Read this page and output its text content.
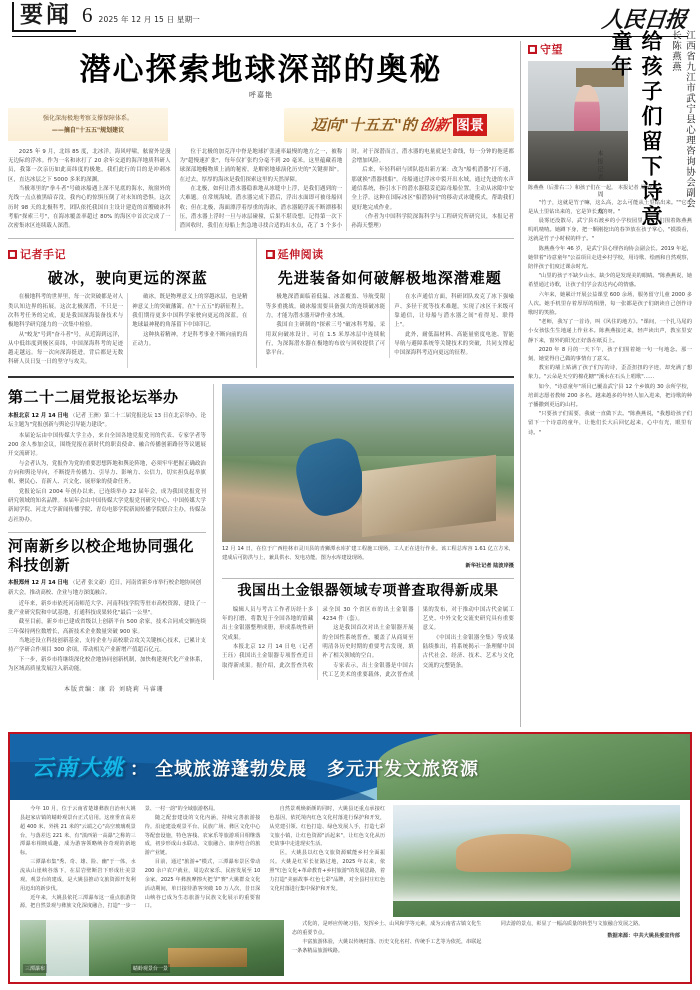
要闻 6 2025 年 12 月 15 日 星期一	人民日报
潜心探索地球深部的奥秘
呼嘉艳
强化深海极地考察支撑保障体系。
——摘自"十五五"规划建议	迈向"十五五"的 创新 图景

2025 年 9 月，北纬 85 度，北冰洋。海风呼啸，舷窗外是漫无边际的浮冰。作为一名和冰打了 20 余年交道的海洋地质科研人员，我第一次亲历如此高纬度的极地，我们此行的目的是冲刺冰区，直达冰层之下 5000 多米的深渊。

当极寒里的"拳斗者"号破冰船遇上深不见底的海水，航窗外的光线一点点被黑暗吞没，我内心的惊惧压倒了对未知的恐惧。这次历时 98 天的北极科考，团队依托我国自主设计建造的首艘破冰科考船"探索三号"，在海冰覆盖率超过 80% 的海区中首次完成了一次密集冰区连续载人深潜。

位于北极的加克洋中脊是地球扩张速率最慢的地方之一，被称为"超慢速扩张"，每年仅扩张约分毫不到 20 毫米。这里蕴藏着地球深部地幔物质上涌的秘密，是解密地球演化历史的"关键拼图"。在过去，厚厚的海冰是我们探索这里的天然屏障。

在北极，如何让潜水器稳准地从冰缝中上浮，是我们遇到的一大难题。在常规海域，潜水器完成下潜后，浮出水面即可被母船回收；但在北极，海面漂浮着厚重的海冰，潜水器随浮流不断漂移积压，潜水器上浮时一旦与冰层碰撞，后果不堪设想。记得第一次下潜回收时，我们在母船上焦急地寻找合适的出水点，花了 3 个多小时。对于深潜而言，潜水器的电量就是生命线，每一分钟的拖延都会增加风险。

后来，年轻科研与团队提出新方案：改为"船机潜器"打不通，那就换"潜器找船"。母船通过浮冰中裂开出水域，通过先进的水声通信系统，指引水下的潜水器稳妥追踪母船位置，主动从冰隙中安全上浮。这种在国际冰区"船潜协同"的移动式冰缝模式，帮助我们更好地完成作业。

（作者为中国科学院深海科学与工程研究所研究员，本报记者孙海天整理）

■ 记者手记
破冰，驶向更远的深蓝

在极地科考的世界里，每一次突破都是对人类认知边界的拓展。这次北极深潜，不只是一次科考任务的完成，更是我国深海装备技术与极地科学研究能力的一次集中检验。

从"蛟龙"号到"奋斗者"号，从近海到远洋，从中低纬度到极区高纬，中国深海科考的足迹越走越远。每一次向深海挺进，背后都是无数科研人员日复一日的坚守与攻关。

破冰，既是物理意义上的穿越冰层，也是精神意义上的突破藩篱。在"十五五"的新征程上，我们期待更多中国科学家驶向更远的深蓝，在地球最神秘的角落留下中国印记。

这种执着精神，才是科考事业不断向前的真正动力。

■ 延伸阅读
先进装备如何破解极地深潜难题

极地深潜面临着低温、冰盖覆盖、导航受限等多重挑战。破冰船需要具备强大的连续破冰能力，才能为潜水器开辟作业水域。

我国自主研制的"探索三号"破冰科考船，采用双向破冰设计，可在 1.5 米厚冰层中连续航行，为深海潜水器在极地的布放与回收提供了可靠平台。

在水声通信方面，科研团队攻克了冰下强噪声、多径干扰等技术难题，实现了冰区千米级可靠通信，让母船与潜水器之间"看得见、联得上"。

此外，耐低温材料、高能量密度电池、智能导航与避障系统等关键技术的突破，共同支撑起中国深海科考迈向更远的征程。

第二十二届党报论坛举办
本报北京 12 月 14 日电 （记者 王洲）第二十二届党报论坛 13 日在北京举办，论坛主题为"党报创新与舆论引导能力建设"。

本届论坛由中国传媒大学主办，来自全国各地党报党刊的代表、专家学者等 200 余人参加会议，围绕党报在新时代的职责使命、融合传播创新路径等议题展开交流研讨。

与会者认为，党报作为党的重要思想阵地和舆论阵地，必须牢牢把握正确政治方向和舆论导向，不断提升传播力、引导力、影响力、公信力，切实担负起举旗帜、聚民心、育新人、兴文化、展形象的使命任务。

党报论坛自 2004 年创办以来，已连续举办 22 届年会，成为我国党报党刊研究领域的知名品牌。本届年会由中国传媒大学党报党刊研究中心、中国传媒大学新闻学院、河北大学新闻传播学院、青岛电影学院新闻传播学院联合主办，传媒杂志社协办。

河南新乡以校企地协同强化科技创新
本报郑州 12 月 14 日电 （记者 张文豪）近日，河南省新乡市举行校企地协同创新大会，推动高校、企业与地方深度融合。

近年来，新乡市依托河南师范大学、河南科技学院等驻市高校资源，建设了一批产业研究院和中试基地，打通科技成果转化"最后一公里"。

截至目前，新乡市已建成省级以上创新平台 500 余家，技术合同成交额连续三年保持两位数增长，高新技术企业数量突破 900 家。

当地还设立科技创新基金，支持企业与高校联合攻关关键核心技术，已累计支持产学研合作项目 300 余项，带动相关产业新增产值超百亿元。

下一步，新乡市将继续深化校企地协同创新机制，加快构建现代化产业体系，为区域高质量发展注入新动能。

12 月 14 日，在位于广西桂林市灵川县的青狮潭水库扩建工程施工现场，工人正在进行作业。该工程总库容 1.61 亿立方米，建成后可防洪与上，兼具供水、发电功能。图为水库建设现场。
新华社记者 陆波岸摄
我国出土金银器领域专项普查取得新成果

编辑人员与考古工作者历经十多年的打磨，将散见于全国各地的馆藏出土金银器整理成册，形成系统性研究成果。

本报北京 12 月 14 日电（记者 王珏）我国出土金银器专项普查近日取得新成果。据介绍，此次普查共收录全国 30 个省区市的出土金银器 4234 件（套）。

这是我国首次对出土金银器开展的全国性系统普查，覆盖了从商周至明清各历史时期的重要考古发现，填补了相关领域的空白。

专家表示，出土金银器是中国古代工艺美术的重要载体，此次普查成果的发布，对于推动中国古代金属工艺史、中外文化交流史研究具有重要意义。

《中国出土金银器全集》等成果陆续推出，将系统揭示一条理解中国古代社会、经济、技术、艺术与文化交流的完整链条。

本版责编：康 岩 刘晓莉 马睿珊
■ 守望
陈燕燕（后排右二）和孩子们在一起。 本报记者 周 欢摄	江西省九江市武宁县心理咨询协会副会长陈燕燕
给孩子们留下诗意童年
本报记者 周 欢

"竹子，这就是竹子嘛，这么高，怎么可能从土里钻出来。""它不是从土里钻出来的，它是笋长大的呀。"

晨雾还没散尽，武宁县石渡乡的小学校园里，孩子们围着陈燕燕叽叽喳喳。她蹲下身，把一颗刚挖出的春笋放在孩子掌心，"摸摸看，这就是竹子小时候的样子。"

陈燕燕今年 46 岁，是武宁县心理咨询协会副会长。2019 年起，她带着"诗意童年"公益项目走进乡村学校，用诗歌、绘画和自然观察，陪伴孩子们度过课余时光。

"山里的孩子不缺少山水，缺少的是发现美的眼睛。"陈燕燕说，她希望通过诗歌，让孩子们学会表达内心的情感。

六年来，她累计开展公益课堂 600 余场，服务留守儿童 2000 多人次。她手机里存着厚厚的相册，每一张都是孩子们朗读自己创作诗歌时的笑脸。

"老师，我写了一首诗，叫《风住的地方》。"课间，一个扎马尾的小女孩怯生生地递上作业本。陈燕燕接过来，轻声读出声，教室里安静下来，窗外的阳光正好落在纸页上。

2020 年 8 月的一天下午，孩子们围着她一句一句地念。那一刻，她觉得自己做的事情有了意义。

教室的墙上贴满了孩子们写的诗，歪歪扭扭的字迹，却充满了想象力。"云朵是天空的棉花糖""溪水在石头上唱歌"……

如今，"诗意童年"项目已覆盖武宁县 12 个乡镇的 30 余所学校，培训志愿者教师 200 多名。越来越多的年轻人加入进来，把诗歌的种子播撒到更远的山村。

"只要孩子们需要，我就一直做下去。"陈燕燕说，"我想给孩子们留下一个诗意的童年，让他们长大后回忆起来，心中有光，眼里有诗。"

云南大姚 ： 全域旅游蓬勃发展 多元开发文旅资源

今年 10 月，位于云南省楚雄彝族自治州大姚县赵家店镇的蜻蛉观景台正式启用。这座垂直高差超 400 米、外挑 21 米的"云端之心"高空玻璃观景台，与落差达 221 米、有"滇西第一高瀑"之称的三潭瀑布相映成趣，成为游客领略峡谷奇观的新地标。

三潭瀑布集"秀、奇、雄、险、幽"于一体，水流从山崖峡谷落下，在层岩壁断岩下形成壮美景观。观景台的建成，是大姚县推动文旅资源开发利用迈出的新步伐。

近年来，大姚县依托三潭瀑布这一重点旅游资源，把自然景观与彝族文化深度融合，打造"一步一景、一村一韵"的全域旅游格局。

随之配套建设的文化内涵，持续完善旅游接待。沿途建设观景平台、民族广场、彝区文化中心等配套设施，特色客栈、农家乐等旅游项目相继落成，初步形成山水联动、文旅融合、康养结合的旅游产业链。

目前，通过"旅游+"模式，三潭瀑布景区带动 200 余户农户就业，周边农家乐、民宿发展至 10 余家。2025 年彝族摩擦火把节"赛"大姚群众文化活动期间，单日接待游客突破 10 万人次，昔日深山峡谷已成为生态旅游与民族文化展示的重要窗口。

自然景观焕新颜的同时，大姚县还重点承接红色基因，依托境内红色文化村落进行保护和开发，从党建引领、红色打造、绿色发展人手，打造七彩文旅小镇，让红色资源"活起来"，让红色文化从历史故事中走进现实生活。

区，大姚县以红色文旅资源赋能乡村全面振兴。大姚是红军长征路过地，2025 年以来，依照"红色文化+革命教育+乡村旅游"的发展思路，着力打造"美丽故事·红色七彩"品牌，对全县村庄红色文化村落进行集中保护和开发。

三潭瀑布	蜻蛉观景台一景

式化的，是呼应传统习俗，发挥乡土、山风和学等元素，成为云南省古镇文化生态的重要节点。

丰富旅游体验，大姚以传统村落、历史文化名村、传统手工艺等为依托，串联起一条条精品旅游线路。

同去游的景点，彰显了一幅高质量的转型与文旅融合发展之路。

数据来源：中共大姚县委宣传部
